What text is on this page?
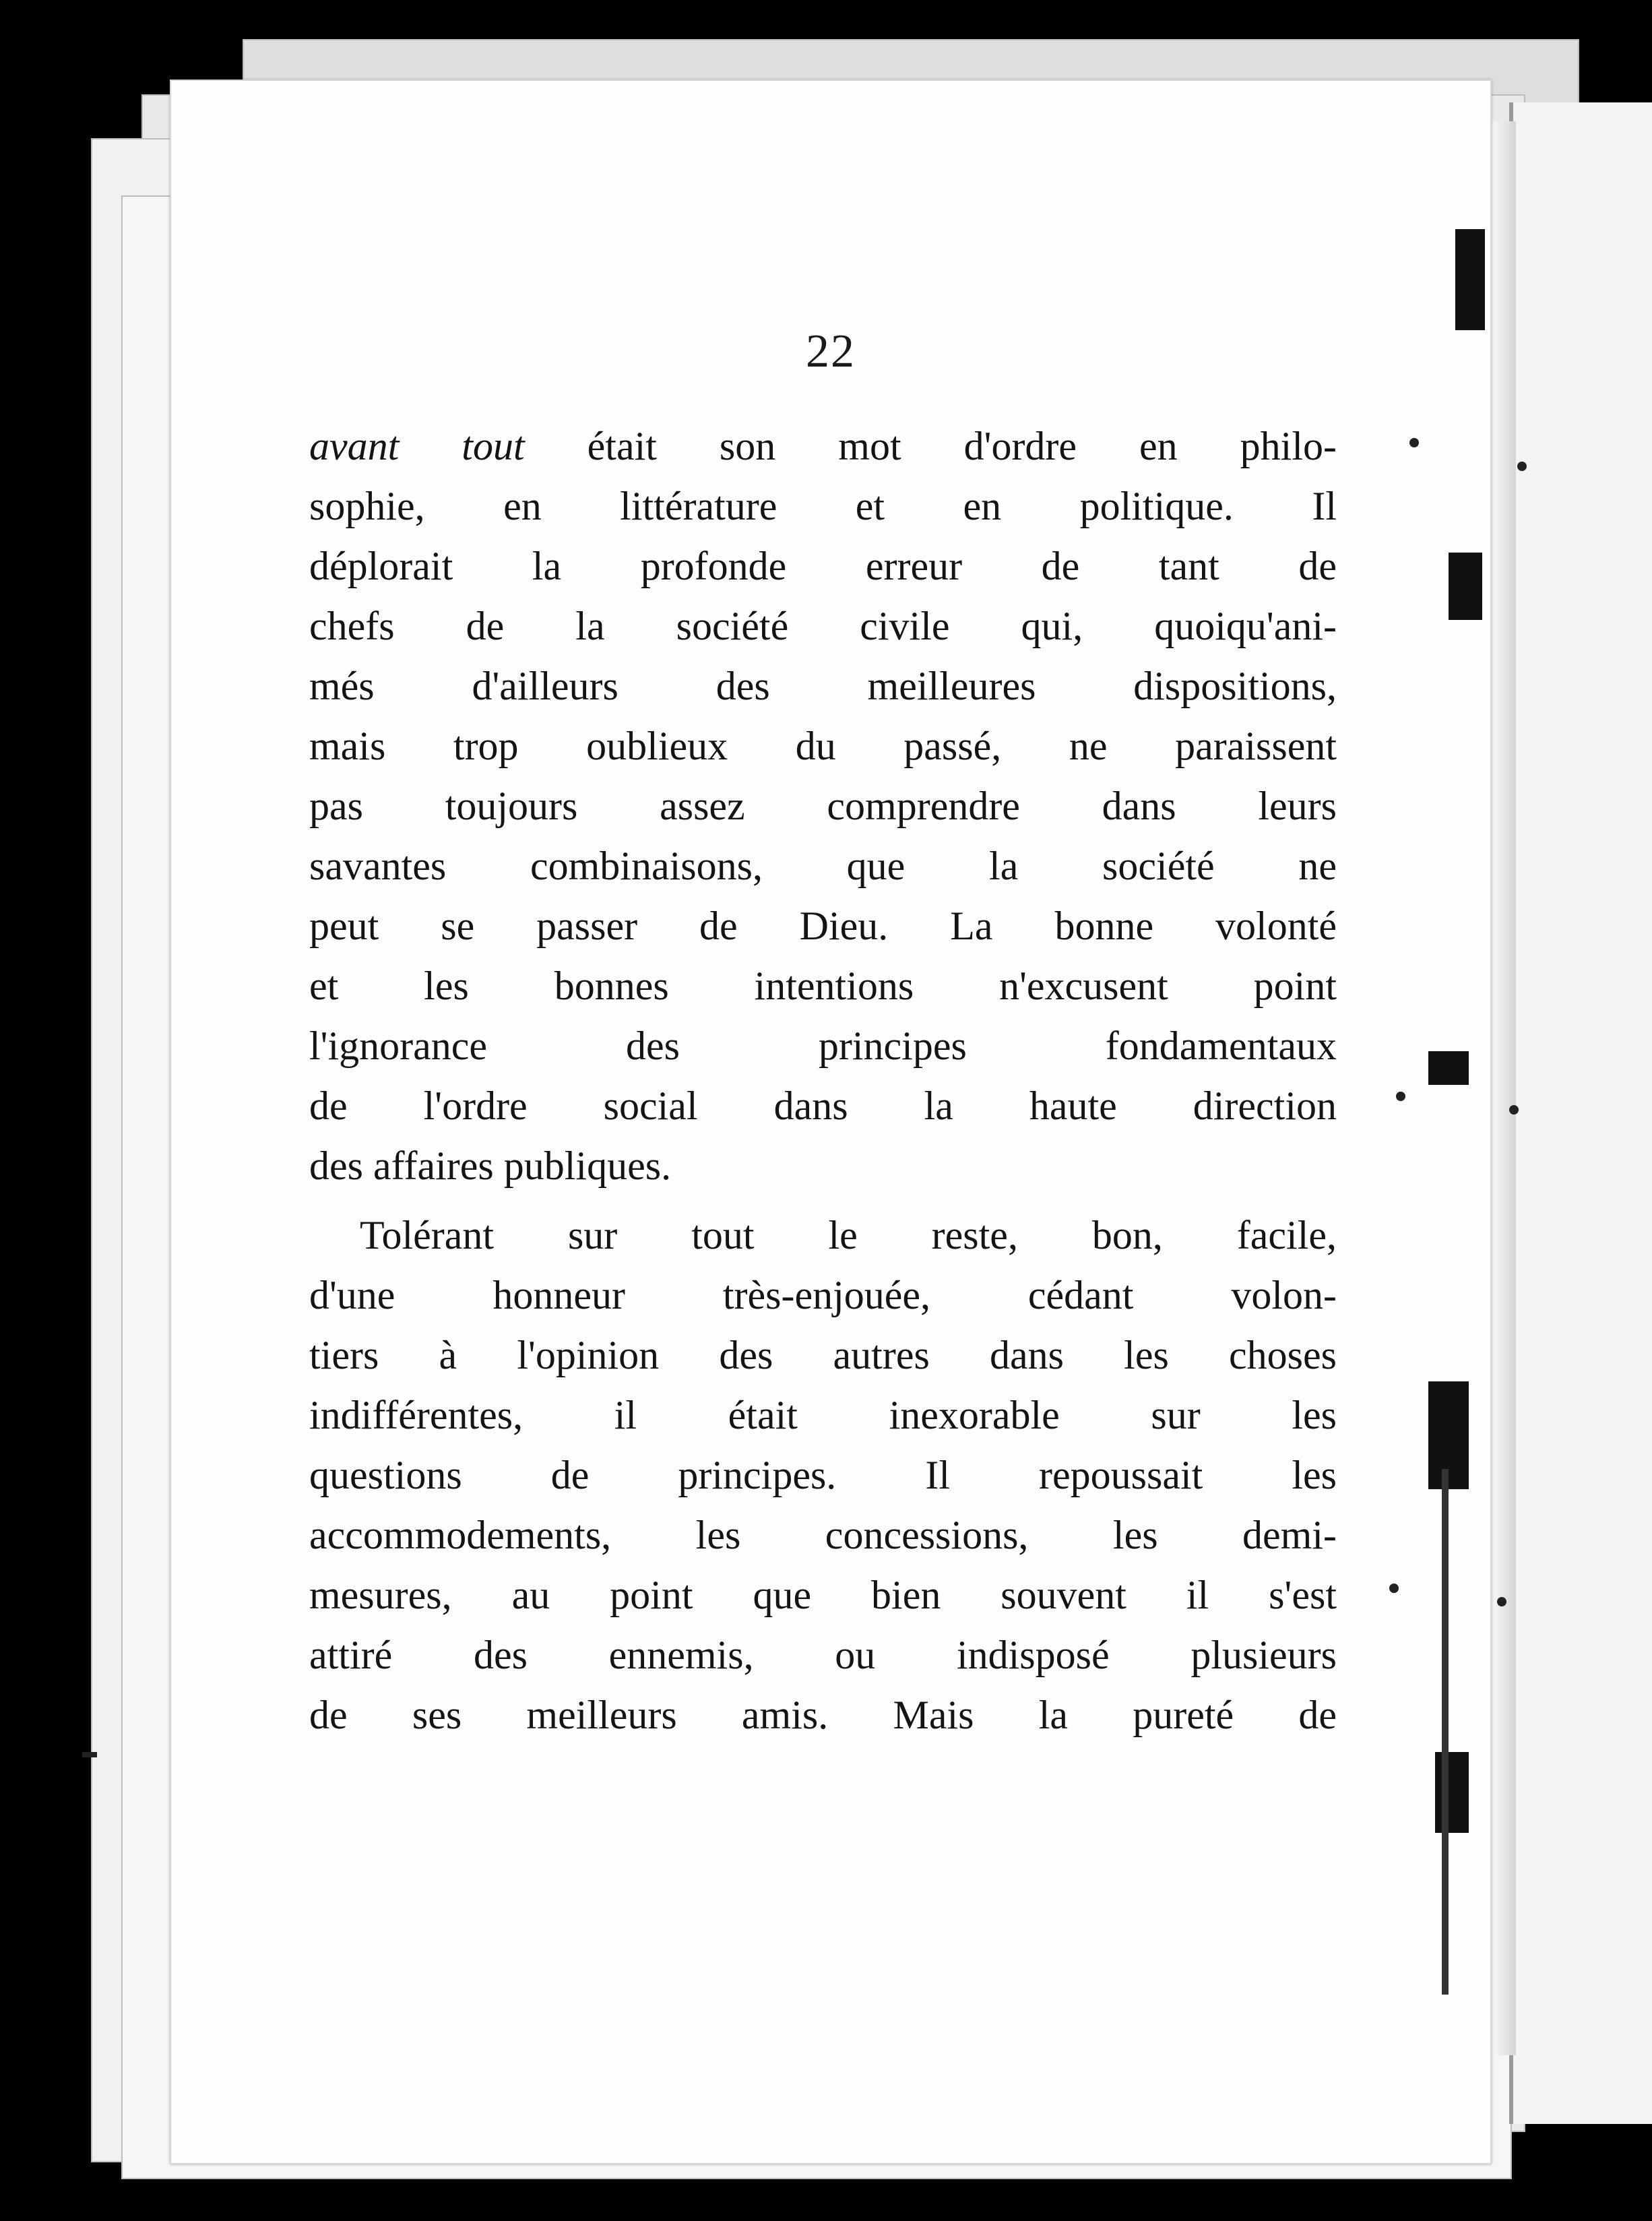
22
avant tout était son mot d'ordre en philo-
sophie, en littérature et en politique. Il
déplorait la profonde erreur de tant de
chefs de la société civile qui, quoiqu'ani-
més d'ailleurs des meilleures dispositions,
mais trop oublieux du passé, ne paraissent
pas toujours assez comprendre dans leurs
savantes combinaisons, que la société ne
peut se passer de Dieu. La bonne volonté
et les bonnes intentions n'excusent point
l'ignorance des principes fondamentaux
de l'ordre social dans la haute direction
des affaires publiques.
Tolérant sur tout le reste, bon, facile,
d'une honneur très-enjouée, cédant volon-
tiers à l'opinion des autres dans les choses
indifférentes, il était inexorable sur les
questions de principes. Il repoussait les
accommodements, les concessions, les demi-
mesures, au point que bien souvent il s'est
attiré des ennemis, ou indisposé plusieurs
de ses meilleurs amis. Mais la pureté de
